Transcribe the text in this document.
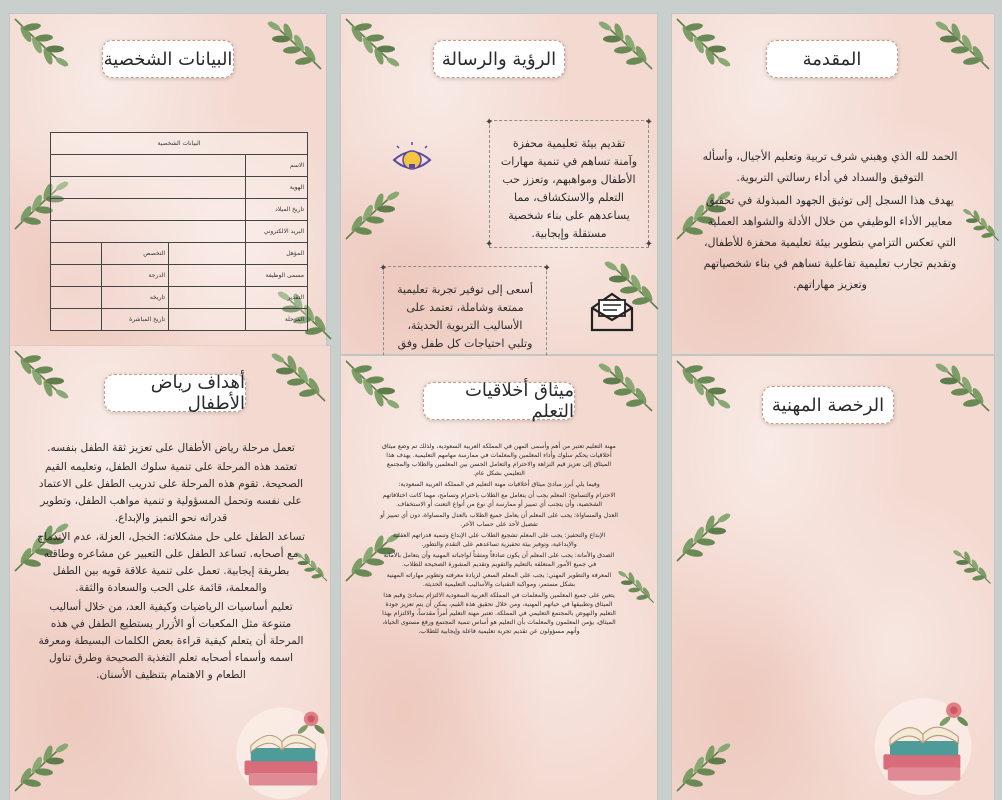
المقدمة

الحمد لله الذي وهبني شرف تربية وتعليم الأجيال، وأسأله التوفيق والسداد في أداء رسالتي التربوية.

يهدف هذا السجل إلى توثيق الجهود المبذولة في تحقيق معايير الأداء الوظيفي من خلال الأدلة والشواهد العملية التي تعكس التزامي بتطوير بيئة تعليمية محفزة للأطفال، وتقديم تجارب تعليمية تفاعلية تساهم في بناء شخصياتهم وتعزيز مهاراتهم.

الرؤية والرسالة
✦	✦
✦	✦
تقديم بيئة تعليمية محفزة وآمنة تساهم في تنمية مهارات الأطفال ومواهبهم، وتعزز حب التعلم والاستكشاف، مما يساعدهم على بناء شخصية مستقلة وإيجابية.
✦	✦
أسعى إلى توفير تجربة تعليمية ممتعة وشاملة، تعتمد على الأساليب التربوية الحديثة، وتلبي احتياجات كل طفل وفق
البيانات الشخصية
البيانات الشخصية			
الاسم			
الهوية			
تاريخ الميلاد			
البريد الالكتروني			
المؤهل		التخصص	
مسمى الوظيفة		الدرجة	
التقدير		تاريخه	
المرحلة		تاريخ المباشرة	
الرخصة المهنية
ميثاق أخلاقيات التعلم

مهنة التعليم تعتبر من أهم وأسمى المهن في المملكة العربية السعودية، ولذلك تم وضع ميثاق أخلاقيات يحكم سلوك وأداء المعلمين والمعلمات في ممارسة مهامهم التعليمية. يهدف هذا الميثاق إلى تعزيز قيم النزاهة والاحترام والتعامل الحسن بين المعلمين والطلاب والمجتمع التعليمي بشكل عام.

وفيما يلي أبرز مبادئ ميثاق أخلاقيات مهنة التعليم في المملكة العربية السعودية:

الاحترام والتسامح: المعلم يجب أن يتعامل مع الطلاب باحترام وتسامح، مهما كانت اختلافاتهم الشخصية، وأن يتجنب أي تمييز أو ممارسة أي نوع من أنواع التعنت أو الاستخفاف.

العدل والمساواة: يجب على المعلم أن يعامل جميع الطلاب بالعدل والمساواة، دون أي تمييز أو تفضيل لأحد على حساب الآخر.

الإبداع والتحفيز: يجب على المعلم تشجيع الطلاب على الإبداع وتنمية قدراتهم العقلية والإبداعية، وتوفير بيئة تحفيزية تساعدهم على التقدم والتطور.

الصدق والأمانة: يجب على المعلم أن يكون صادقاً ومتقناً لواجباته المهنية وأن يتعامل بالأمانة في جميع الأمور المتعلقة بالتعليم والتقويم وتقديم المشورة الصحيحة للطلاب.

المعرفة والتطوير المهني: يجب على المعلم السعي لزيادة معرفته وتطوير مهاراته المهنية بشكل مستمر، ومواكبة التقنيات والأساليب التعليمية الحديثة.

يتعين على جميع المعلمين والمعلمات في المملكة العربية السعودية الالتزام بمبادئ وقيم هذا الميثاق وتطبيقها في حياتهم المهنية، ومن خلال تحقيق هذه القيم، يمكن أن يتم تعزيز جودة التعليم والنهوض بالمجتمع التعليمي في المملكة. تعتبر مهنة التعليم أمراً مقدساً، والالتزام بهذا الميثاق، يؤمن المعلمون والمعلمات بأن التعليم هو أساس تنمية المجتمع ورفع مستوى الحياة، وأنهم مسؤولون عن تقديم تجربة تعليمية فاعلة وإيجابية للطلاب.

أهداف رياض الأطفال

تعمل مرحلة رياض الأطفال على تعزيز ثقة الطفل بنفسه.

تعتمد هذه المرحلة على تنمية سلوك الطفل، وتعليمه القيم الصحيحة. تقوم هذه المرحلة على تدريب الطفل على الاعتماد على نفسه وتحمل المسؤولية و تنمية مواهب الطفل، وتطوير قدراته نحو التميز والإبداع.

تساعد الطفل على حل مشكلاته: الخجل، العزلة، عدم الاندماج مع أصحابه. تساعد الطفل على التعبير عن مشاعره وطاقته بطريقة إيجابية. تعمل على تنمية علاقة قويه بين الطفل والمعلمة، قائمة على الحب والسعادة والثقة.

تعليم أساسيات الرياضيات وكيفية العد، من خلال أساليب متنوعة مثل المكعبات أو الأزرار يستطيع الطفل في هذه المرحلة أن يتعلم كيفية قراءة بعض الكلمات البسيطة ومعرفة اسمه وأسماء أصحابه تعلم التغذية الصحيحة وطرق تناول الطعام و الاهتمام بتنظيف الأسنان.
